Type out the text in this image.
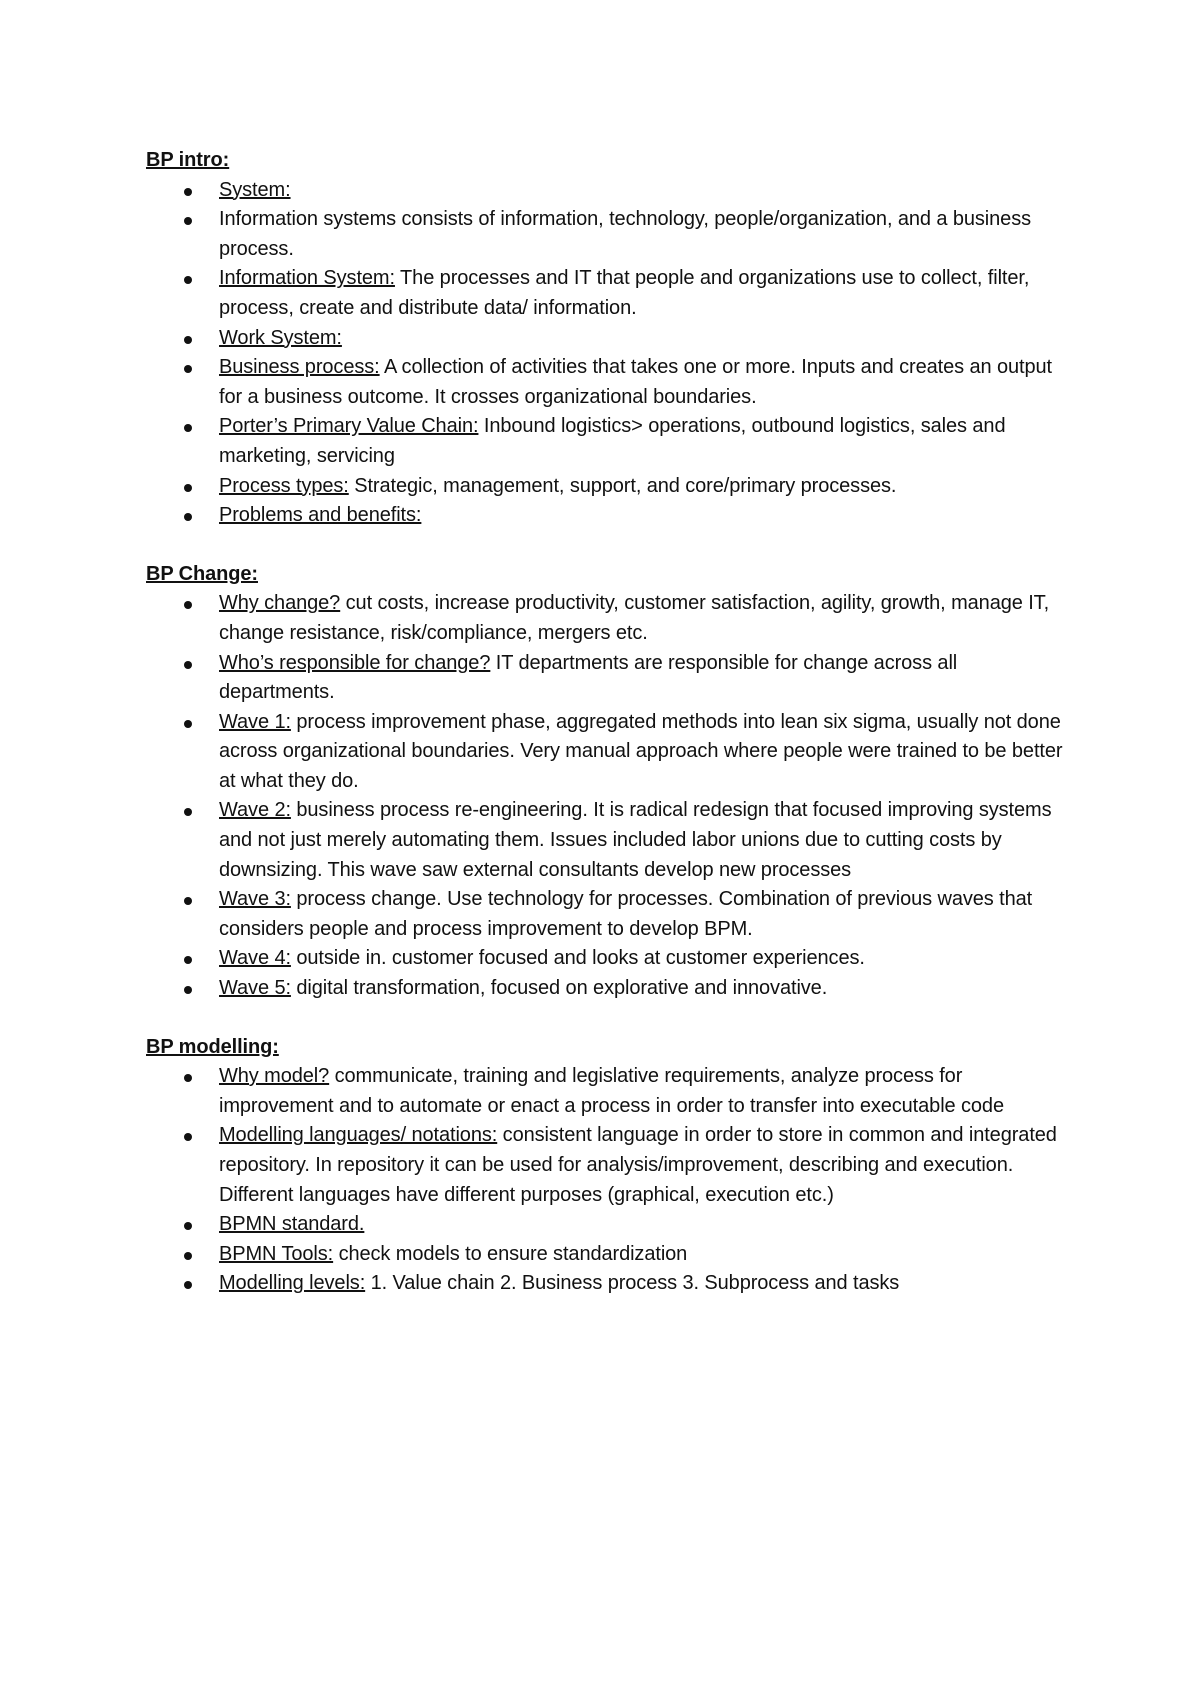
BP intro:
System:
Information systems consists of information, technology, people/organization, and a business process.
Information System: The processes and IT that people and organizations use to collect, filter, process, create and distribute data/ information.
Work System:
Business process: A collection of activities that takes one or more. Inputs and creates an output for a business outcome. It crosses organizational boundaries.
Porter’s Primary Value Chain: Inbound logistics> operations, outbound logistics, sales and marketing, servicing
Process types: Strategic, management, support, and core/primary processes.
Problems and benefits:
BP Change:
Why change? cut costs, increase productivity, customer satisfaction, agility, growth, manage IT, change resistance, risk/compliance, mergers etc.
Who’s responsible for change? IT departments are responsible for change across all departments.
Wave 1: process improvement phase, aggregated methods into lean six sigma, usually not done across organizational boundaries. Very manual approach where people were trained to be better at what they do.
Wave 2: business process re-engineering. It is radical redesign that focused improving systems and not just merely automating them. Issues included labor unions due to cutting costs by downsizing. This wave saw external consultants develop new processes
Wave 3: process change. Use technology for processes. Combination of previous waves that considers people and process improvement to develop BPM.
Wave 4: outside in. customer focused and looks at customer experiences.
Wave 5: digital transformation, focused on explorative and innovative.
BP modelling:
Why model? communicate, training and legislative requirements, analyze process for improvement and to automate or enact a process in order to transfer into executable code
Modelling languages/ notations: consistent language in order to store in common and integrated repository. In repository it can be used for analysis/improvement, describing and execution. Different languages have different purposes (graphical, execution etc.)
BPMN standard.
BPMN Tools: check models to ensure standardization
Modelling levels: 1. Value chain 2. Business process 3. Subprocess and tasks
